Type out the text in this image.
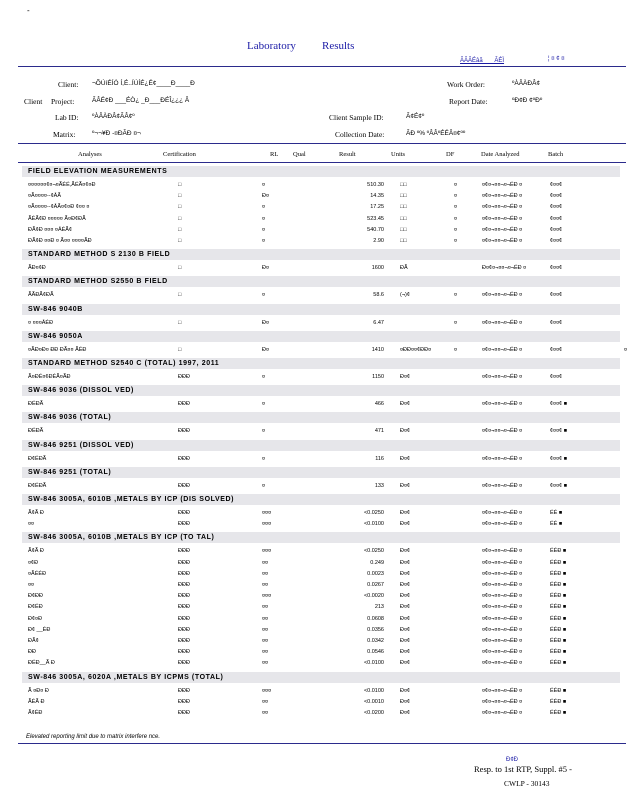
-
Laboratory Results
ÃÃÃÉâã ___ÃÉÏ	¦ ¤ ¢ ¤
Client: ¬ÕÚíÉÍÓ Í,É..ÍÚÍÉ¿É¢____Ð____Ð
Client Project:	ÃÂÉ¢Ð ___ÉÒ¿ _Ð___ÐÉÎ¿¿¿ Â
Lab ID: ºÀÂÀÐÂ¢ÃÂ¢º
Matrix:	º¬¬¥Ð -¤ÐÃÐ ¤¬
Work Order:	ºÀÂÀÐÂ¢
Report Date:	ºÐ¢Ð ¢ºÐº
Client Sample ID:	Ã¢É¢º
Collection Date:	ÃÐ º% ºÂÂºÉÉÂ¤¢ºº
Analyses	Certification	RL Qual	Result	Units	DF	Date Analyzed	Batch
FIELD ELEVATION MEASUREMENTS
¤¤¤¤¤¤¢¤¬¤ÃÉÉ,ÃÉÃ¤¢¤Ð	□	¤	510.30	□□	¤	¤¢¤¬¤¤¬¤¬ÉÐ ¤	¢¤¤¢
¤Ã¤¤¤¤--¢ÂÃ	□	Ð¤	14.35	□□	¤	¤¢¤¬¤¤¬¤¬ÉÐ ¤	¢¤¤¢
¤Ã¤¤¤¤--¢ÂÃ¤¢¤Ð ¢¤¤ ¤	□	¤	17.25	□□	¤	¤¢¤¬¤¤¬¤¬ÉÐ ¤	¢¤¤¢
ÃÉÃ¢Ð ¤¤¤¤¤ Ã¤Ð¢ÐÃ	□	¤	523.45	□□	¤	¤¢¤¬¤¤¬¤¬ÉÐ ¤	¢¤¤¢
ÐÃ¢Ð ¤¤¤ ¤ÂÉÃ¢	□	¤	540.70	□□	¤	¤¢¤¬¤¤¬¤¬ÉÐ ¤	¢¤¤¢
ÐÃ¢Ð ¤¤Ð ¤ Ã¤¤ ¤¤¤¤ÃÐ	□	¤	2.90	□□	¤	¤¢¤¬¤¤¬¤¬ÉÐ ¤	¢¤¤¢
STANDARD METHOD S 2130 B FIELD
ÃÐ¤¢Ð	□	Ð¤	1600	ÐÃ	Ð¤¢¤¬¤¤¬¤¬ÉÐ ¤	¢¤¤¢
STANDARD METHOD S2550 B FIELD
ÃÃÐÃ¢ÐÃ	□	¤	58.6	(¬)¢	¤	¤¢¤¬¤¤¬¤¬ÉÐ ¤	¢¤¤¢
SW-846 9040B
¤ ¤¤¤ÂÉÐ	□	Ð¤	6.47	¤	¤¢¤¬¤¤¬¤¬ÉÐ ¤	¢¤¤¢
SW-846 9050A
¤ÃÐ¤Ð¤ ÐÐ ÐÃ¤¤ ÃÉÐ	□	Ð¤	1410	¤ÐÐ¤¤¢ÐÐ¤	¤	¤¢¤¬¤¤¬¤¬ÉÐ ¤	¢¤¤¢	¤
STANDARD METHOD S2540 C (TOTAL) 1997, 2011
Ã¤ÐÉ¤¢ÐÉÃ¤ÃÐ	ÐÐÐ	¤	1150	Ð¤¢	¤¢¤¬¤¤¬¤¬ÉÐ ¤	¢¤¤¢
SW-846 9036 (DISSOL VED)
ÐÉÐÃ	ÐÐÐ	¤	466	Ð¤¢	¤¢¤¬¤¤¬¤¬ÉÐ ¤	¢¤¤¢ ■
SW-846 9036 (TOTAL)
ÐÉÐÃ	ÐÐÐ	¤	471	Ð¤¢	¤¢¤¬¤¤¬¤¬ÉÐ ¤	¢¤¤¢ ■
SW-846 9251 (DISSOL VED)
Ð¢ÉÐÃ	ÐÐÐ	¤	116	Ð¤¢	¤¢¤¬¤¤¬¤¬ÉÐ ¤	¢¤¤¢ ■
SW-846 9251 (TOTAL)
Ð¢ÉÐÃ	ÐÐÐ	¤	133	Ð¤¢	¤¢¤¬¤¤¬¤¬ÉÐ ¤	¢¤¤¢ ■
SW-846 3005A, 6010B ,METALS BY ICP (DIS SOLVED)
Ã¢Ã Ð	ÐÐÐ	¤¤¤	<0.0250	Ð¤¢	¤¢¤¬¤¤¬¤¬ÉÐ ¤	ÉÉ ■
¤¤	ÐÐÐ	¤¤¤	<0.0100	Ð¤¢	¤¢¤¬¤¤¬¤¬ÉÐ ¤	ÉÉ ■
SW-846 3005A, 6010B ,METALS BY ICP (TO TAL)
Ã¢Ã Ð	ÐÐÐ	¤¤¤	<0.0250	Ð¤¢	¤¢¤¬¤¤¬¤¬ÉÐ ¤	ÉÉÐ ■
¤¢Ð	ÐÐÐ	¤¤	0.249	Ð¤¢	¤¢¤¬¤¤¬¤¬ÉÐ ¤	ÉÉÐ ■
¤ÃÉÉÐ	ÐÐÐ	¤¤	0.0023	Ð¤¢	¤¢¤¬¤¤¬¤¬ÉÐ ¤	ÉÉÐ ■
¤¤	ÐÐÐ	¤¤	0.0267	Ð¤¢	¤¢¤¬¤¤¬¤¬ÉÐ ¤	ÉÉÐ ■
Ð¢ÐÐ	ÐÐÐ	¤¤¤	<0.0020	Ð¤¢	¤¢¤¬¤¤¬¤¬ÉÐ ¤	ÉÉÐ ■
Ð¢ÉÐ	ÐÐÐ	¤¤	213	Ð¤¢	¤¢¤¬¤¤¬¤¬ÉÐ ¤	ÉÉÐ ■
Ð¢¤Ð	ÐÐÐ	¤¤	0.0608	Ð¤¢	¤¢¤¬¤¤¬¤¬ÉÐ ¤	ÉÉÐ ■
Ð¢ __ÉÐ	ÐÐÐ	¤¤	0.0356	Ð¤¢	¤¢¤¬¤¤¬¤¬ÉÐ ¤	ÉÉÐ ■
ÐÃ¢	ÐÐÐ	¤¤	0.0342	Ð¤¢	¤¢¤¬¤¤¬¤¬ÉÐ ¤	ÉÉÐ ■
ÐÐ	ÐÐÐ	¤¤	0.0546	Ð¤¢	¤¢¤¬¤¤¬¤¬ÉÐ ¤	ÉÉÐ ■
ÐÉÐ__Ã Ð	ÐÐÐ	¤¤	<0.0100	Ð¤¢	¤¢¤¬¤¤¬¤¬ÉÐ ¤	ÉÉÐ ■
SW-846 3005A, 6020A ,METALS BY ICPMS (TOTAL)
Ã ¤Ð¤ Ð	ÐÐÐ	¤¤¤	<0.0100	Ð¤¢	¤¢¤¬¤¤¬¤¬ÉÐ ¤	ÉÉÐ ■
ÃÉÃ Ð	ÐÐÐ	¤¤	<0.0010	Ð¤¢	¤¢¤¬¤¤¬¤¬ÉÐ ¤	ÉÉÐ ■
Ã¢ÉÐ	ÐÐÐ	¤¤	<0.0200	Ð¤¢	¤¢¤¬¤¤¬¤¬ÉÐ ¤	ÉÉÐ ■
Elevated reporting limit due to matrix interfere nce.
Ð¢Ð
Resp. to 1st RTP, Suppl. #5 -
CWLP - 30143
